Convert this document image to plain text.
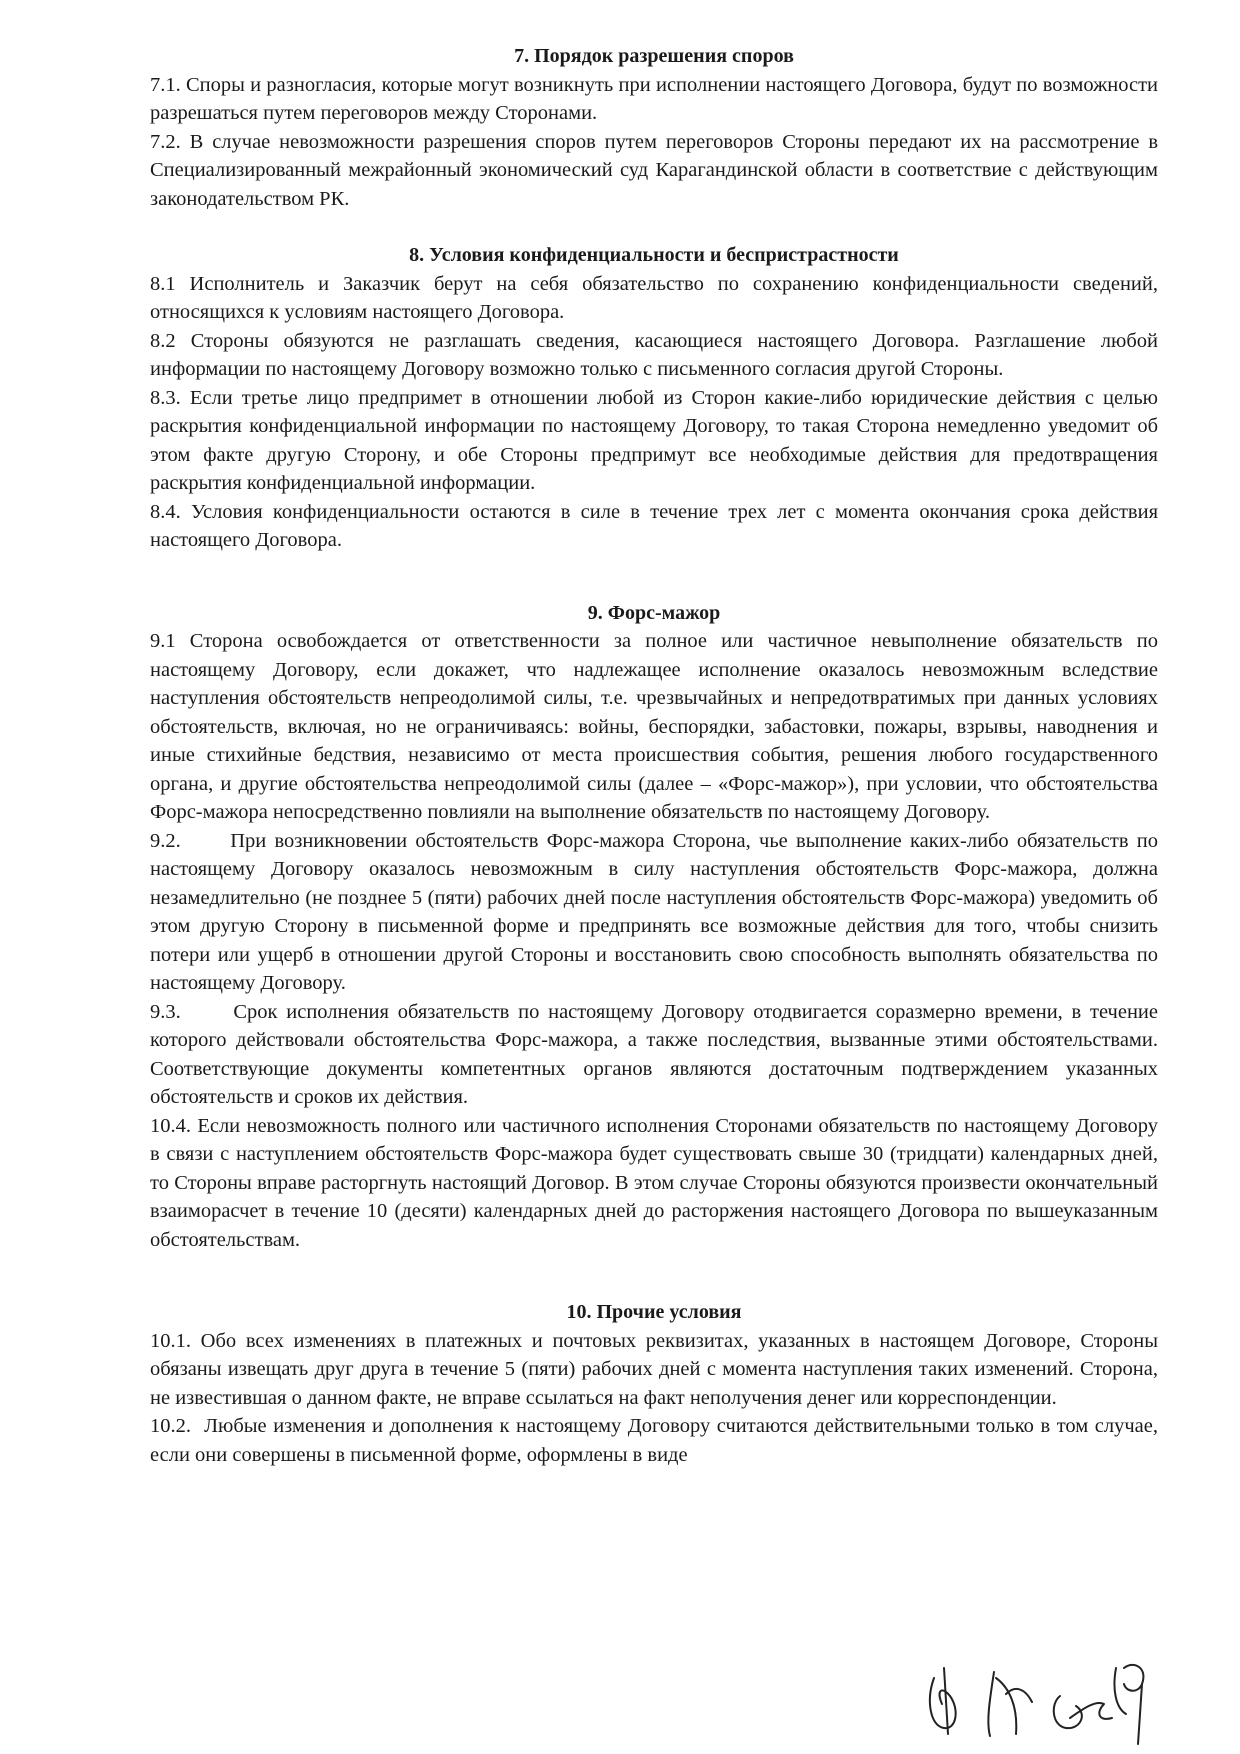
7. Порядок разрешения споров

7.1. Споры и разногласия, которые могут возникнуть при исполнении настоящего Договора, будут по возможности разрешаться путем переговоров между Сторонами.

7.2. В случае невозможности разрешения споров путем переговоров Стороны передают их на рассмотрение в Специализированный межрайонный экономический суд Карагандинской области в соответствие с действующим законодательством РК.

8. Условия конфиденциальности и беспристрастности

8.1 Исполнитель и Заказчик берут на себя обязательство по сохранению конфиденциальности сведений, относящихся к условиям настоящего Договора.

8.2 Стороны обязуются не разглашать сведения, касающиеся настоящего Договора. Разглашение любой информации по настоящему Договору возможно только с письменного согласия другой Стороны.

8.3. Если третье лицо предпримет в отношении любой из Сторон какие-либо юридические действия с целью раскрытия конфиденциальной информации по настоящему Договору, то такая Сторона немедленно уведомит об этом факте другую Сторону, и обе Стороны предпримут все необходимые действия для предотвращения раскрытия конфиденциальной информации.

8.4. Условия конфиденциальности остаются в силе в течение трех лет с момента окончания срока действия настоящего Договора.

9. Форс-мажор

9.1 Сторона освобождается от ответственности за полное или частичное невыполнение обязательств по настоящему Договору, если докажет, что надлежащее исполнение оказалось невозможным вследствие наступления обстоятельств непреодолимой силы, т.е. чрезвычайных и непредотвратимых при данных условиях обстоятельств, включая, но не ограничиваясь: войны, беспорядки, забастовки, пожары, взрывы, наводнения и иные стихийные бедствия, независимо от места происшествия события, решения любого государственного органа, и другие обстоятельства непреодолимой силы (далее – «Форс-мажор»), при условии, что обстоятельства Форс-мажора непосредственно повлияли на выполнение обязательств по настоящему Договору.

9.2.      При возникновении обстоятельств Форс-мажора Сторона, чье выполнение каких-либо обязательств по настоящему Договору оказалось невозможным в силу наступления обстоятельств Форс-мажора, должна незамедлительно (не позднее 5 (пяти) рабочих дней после наступления обстоятельств Форс-мажора) уведомить об этом другую Сторону в письменной форме и предпринять все возможные действия для того, чтобы снизить потери или ущерб в отношении другой Стороны и восстановить свою способность выполнять обязательства по настоящему Договору.

9.3.      Срок исполнения обязательств по настоящему Договору отодвигается соразмерно времени, в течение которого действовали обстоятельства Форс-мажора, а также последствия, вызванные этими обстоятельствами. Соответствующие документы компетентных органов являются достаточным подтверждением указанных обстоятельств и сроков их действия.

10.4. Если невозможность полного или частичного исполнения Сторонами обязательств по настоящему Договору в связи с наступлением обстоятельств Форс-мажора будет существовать свыше 30 (тридцати) календарных дней, то Стороны вправе расторгнуть настоящий Договор. В этом случае Стороны обязуются произвести окончательный взаиморасчет в течение 10 (десяти) календарных дней до расторжения настоящего Договора по вышеуказанным обстоятельствам.

10. Прочие условия

10.1. Обо всех изменениях в платежных и почтовых реквизитах, указанных в настоящем Договоре, Стороны обязаны извещать друг друга в течение 5 (пяти) рабочих дней с момента наступления таких изменений. Сторона, не известившая о данном факте, не вправе ссылаться на факт неполучения денег или корреспонденции.

10.2.  Любые изменения и дополнения к настоящему Договору считаются действительными только в том случае, если они совершены в письменной форме, оформлены в виде
